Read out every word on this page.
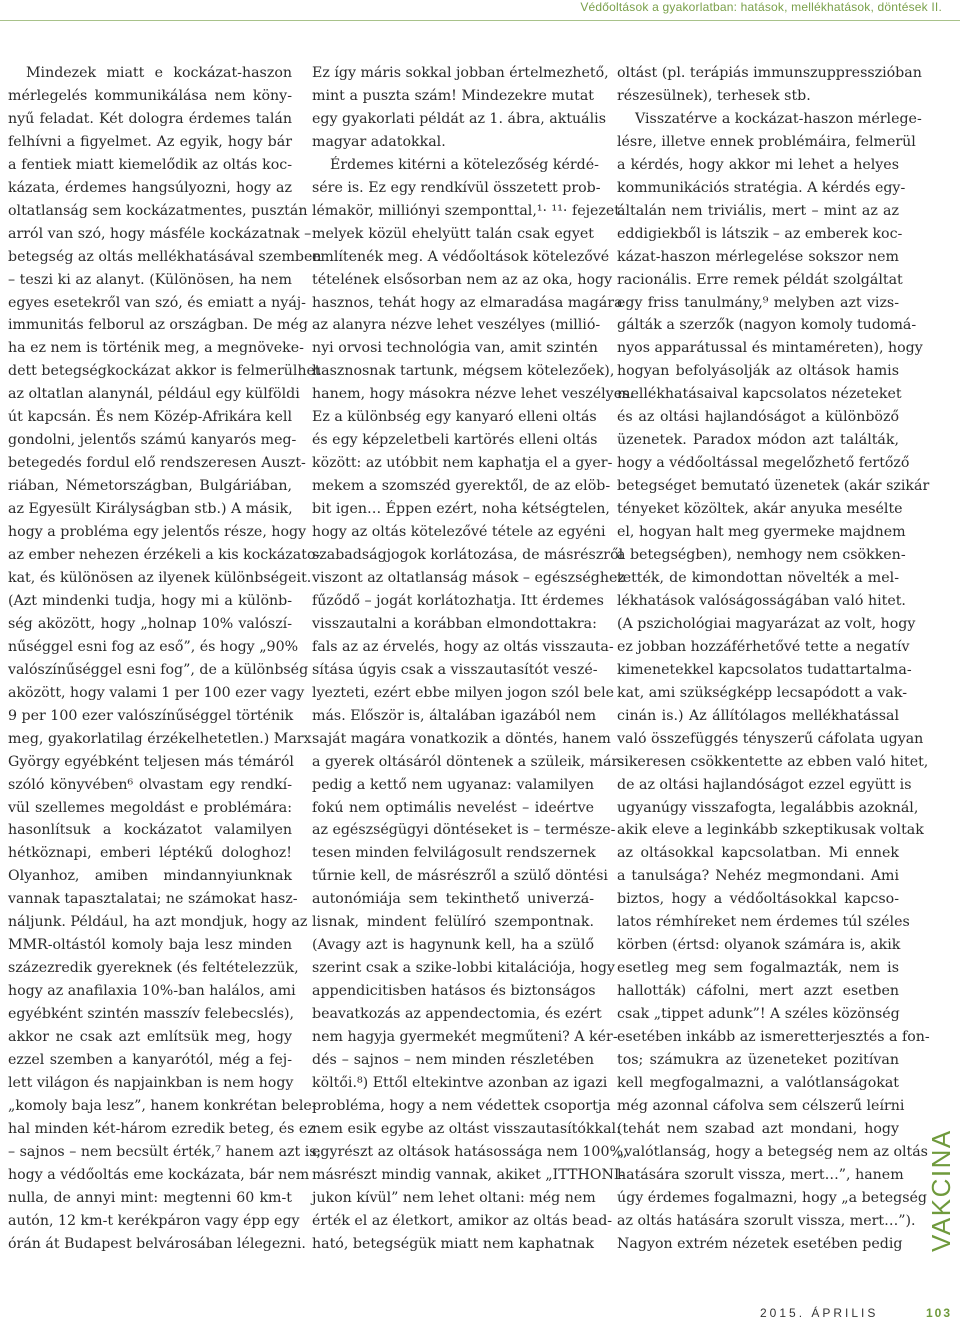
Védőoltások a gyakorlatban: hatások, mellékhatások, döntések II.
Mindezek miatt e kockázat-haszon
mérlegelés kommunikálása nem köny-
nyű feladat. Két dologra érdemes talán
felhívni a figyelmet. Az egyik, hogy bár
a fentiek miatt kiemelődik az oltás koc-
kázata, érdemes hangsúlyozni, hogy az
oltatlanság sem kockázatmentes, pusztán
arról van szó, hogy másféle kockázatnak –
betegség az oltás mellékhatásával szemben
– teszi ki az alanyt. (Különösen, ha nem
egyes esetekről van szó, és emiatt a nyáj-
immunitás felborul az országban. De még
ha ez nem is történik meg, a megnöveke-
dett betegségkockázat akkor is felmerülhet
az oltatlan alanynál, például egy külföldi
út kapcsán. És nem Közép-Afrikára kell
gondolni, jelentős számú kanyarós meg-
betegedés fordul elő rendszeresen Auszt-
riában, Németországban, Bulgáriában,
az Egyesült Királyságban stb.) A másik,
hogy a probléma egy jelentős része, hogy
az ember nehezen érzékeli a kis kockázato-
kat, és különösen az ilyenek különbségeit.
(Azt mindenki tudja, hogy mi a különb-
ség aközött, hogy „holnap 10% valószí-
nűséggel esni fog az eső”, és hogy „90%
valószínűséggel esni fog”, de a különbség
aközött, hogy valami 1 per 100 ezer vagy
9 per 100 ezer valószínűséggel történik
meg, gyakorlatilag érzékelhetetlen.) Marx
György egyébként teljesen más témáról
szóló könyvében⁶ olvastam egy rendkí-
vül szellemes megoldást e problémára:
hasonlítsuk a kockázatot valamilyen
hétköznapi, emberi léptékű dologhoz!
Olyanhoz, amiben mindannyiunknak
vannak tapasztalatai; ne számokat hasz-
náljunk. Például, ha azt mondjuk, hogy az
MMR-oltástól komoly baja lesz minden
százezredik gyereknek (és feltételezzük,
hogy az anafilaxia 10%-ban halálos, ami
egyébként szintén masszív felebecslés),
akkor ne csak azt említsük meg, hogy
ezzel szemben a kanyarótól, még a fej-
lett világon és napjainkban is nem hogy
„komoly baja lesz”, hanem konkrétan bele-
hal minden két-három ezredik beteg, és ez
– sajnos – nem becsült érték,⁷ hanem azt is,
hogy a védőoltás eme kockázata, bár nem
nulla, de annyi mint: megtenni 60 km-t
autón, 12 km-t kerékpáron vagy épp egy
órán át Budapest belvárosában lélegezni.
Ez így máris sokkal jobban értelmezhető,
mint a puszta szám! Mindezekre mutat
egy gyakorlati példát az 1. ábra, aktuális
magyar adatokkal.
Érdemes kitérni a kötelezőség kérdé-
sére is. Ez egy rendkívül összetett prob-
lémakör, milliónyi szemponttal,¹· ¹¹· fejezet
melyek közül ehelyütt talán csak egyet
említenék meg. A védőoltások kötelezővé
tételének elsősorban nem az az oka, hogy
hasznos, tehát hogy az elmaradása magára
az alanyra nézve lehet veszélyes (millió-
nyi orvosi technológia van, amit szintén
hasznosnak tartunk, mégsem kötelezőek),
hanem, hogy másokra nézve lehet veszélyes.
Ez a különbség egy kanyaró elleni oltás
és egy képzeletbeli kartörés elleni oltás
között: az utóbbit nem kaphatja el a gyer-
mekem a szomszéd gyerektől, de az elöb-
bit igen… Éppen ezért, noha kétségtelen,
hogy az oltás kötelezővé tétele az egyéni
szabadságjogok korlátozása, de másrészről
viszont az oltatlanság mások – egészséghez
fűződő – jogát korlátozhatja. Itt érdemes
visszautalni a korábban elmondottakra:
fals az az érvelés, hogy az oltás visszauta-
sítása úgyis csak a visszautasítót veszé-
lyezteti, ezért ebbe milyen jogon szól bele
más. Először is, általában igazából nem
saját magára vonatkozik a döntés, hanem
a gyerek oltásáról döntenek a szüleik, már-
pedig a kettő nem ugyanaz: valamilyen
fokú nem optimális nevelést – ideértve
az egészségügyi döntéseket is – természe-
tesen minden felvilágosult rendszernek
tűrnie kell, de másrészről a szülő döntési
autonómiája sem tekinthető univerzá-
lisnak, mindent felülíró szempontnak.
(Avagy azt is hagynunk kell, ha a szülő
szerint csak a szike-lobbi kitalációja, hogy
appendicitisben hatásos és biztonságos
beavatkozás az appendectomia, és ezért
nem hagyja gyermekét megműteni? A kér-
dés – sajnos – nem minden részletében
költői.⁸) Ettől eltekintve azonban az igazi
probléma, hogy a nem védettek csoportja
nem esik egybe az oltást visszautasítókkal:
egyrészt az oltások hatásossága nem 100%,
másrészt mindig vannak, akiket „ITTHONI-
jukon kívül” nem lehet oltani: még nem
érték el az életkort, amikor az oltás bead-
ható, betegségük miatt nem kaphatnak
oltást (pl. terápiás immunszuppresszióban
részesülnek), terhesek stb.
Visszatérve a kockázat-haszon mérlege-
lésre, illetve ennek problémáira, felmerül
a kérdés, hogy akkor mi lehet a helyes
kommunikációs stratégia. A kérdés egy-
általán nem triviális, mert – mint az az
eddigiekből is látszik – az emberek koc-
kázat-haszon mérlegelése sokszor nem
racionális. Erre remek példát szolgáltat
egy friss tanulmány,⁹ melyben azt vizs-
gálták a szerzők (nagyon komoly tudomá-
nyos apparátussal és mintaméreten), hogy
hogyan befolyásolják az oltások hamis
mellékhatásaival kapcsolatos nézeteket
és az oltási hajlandóságot a különböző
üzenetek. Paradox módon azt találták,
hogy a védőoltással megelőzhető fertőző
betegséget bemutató üzenetek (akár szikár
tényeket közöltek, akár anyuka mesélte
el, hogyan halt meg gyermeke majdnem
a betegségben), nemhogy nem csökken-
tették, de kimondottan növelték a mel-
lékhatások valóságosságában való hitet.
(A pszichológiai magyarázat az volt, hogy
ez jobban hozzáférhetővé tette a negatív
kimenetekkel kapcsolatos tudattartalma-
kat, ami szükségképp lecsapódott a vak-
cinán is.) Az állítólagos mellékhatással
való összefüggés tényszerű cáfolata ugyan
sikeresen csökkentette az ebben való hitet,
de az oltási hajlandóságot ezzel együtt is
ugyanúgy visszafogta, legalábbis azoknál,
akik eleve a leginkább szkeptikusak voltak
az oltásokkal kapcsolatban. Mi ennek
a tanulsága? Nehéz megmondani. Ami
biztos, hogy a védőoltásokkal kapcso-
latos rémhíreket nem érdemes túl széles
körben (értsd: olyanok számára is, akik
esetleg meg sem fogalmazták, nem is
hallották) cáfolni, mert azzt esetben
csak „tippet adunk”! A széles közönség
esetében inkább az ismeretterjesztés a fon-
tos; számukra az üzeneteket pozitívan
kell megfogalmazni, a valótlanságokat
még azonnal cáfolva sem célszerű leírni
(tehát nem szabad azt mondani, hogy
„valótlanság, hogy a betegség nem az oltás
hatására szorult vissza, mert…”, hanem
úgy érdemes fogalmazni, hogy „a betegség
az oltás hatására szorult vissza, mert…”).
Nagyon extrém nézetek esetében pedig VAKCINA
2015. ÁPRILIS	103
